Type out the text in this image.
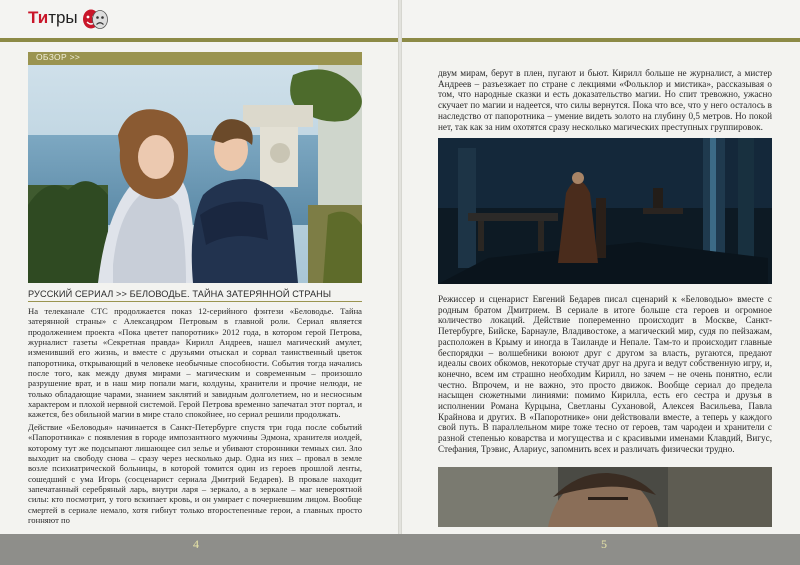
Титры
ОБЗОР >>
РУССКИЙ СЕРИАЛ >> БЕЛОВОДЬЕ. ТАЙНА ЗАТЕРЯННОЙ СТРАНЫ

На телеканале СТС продолжается показ 12-серийного фэнтези «Беловодье. Тайна затерянной страны» с Александром Петровым в главной роли. Сериал является продолжением проекта «Пока цветет папоротник» 2012 года, в котором герой Петрова, журналист газеты «Секретная правда» Кирилл Андреев, нашел магический амулет, изменивший его жизнь, и вместе с друзьями отыскал и сорвал таинственный цветок папоротника, открывающий в человеке необычные способности. События тогда начались после того, как между двумя мирами – магическим и современным – произошло разрушение врат, и в наш мир попали маги, колдуны, хранители и прочие нелюди, не только обладающие чарами, знанием заклятий и завидным долголетием, но и несносным характером и плохой нервной системой. Герой Петрова временно запечатал этот портал, и кажется, без обильной магии в мире стало спокойнее, но сериал решили продолжать.

Действие «Беловодья» начинается в Санкт-Петербурге спустя три года после событий «Папоротника» с появления в городе импозантного мужчины Эдмона, хранителя иолдей, которому тут же подсыпают лишающее сил зелье и убивают сторонники темных сил. Зло выходит на свободу снова – сразу через несколько дыр. Одна из них – провал в земле возле психиатрической больницы, в которой томится один из героев прошлой ленты, сошедший с ума Игорь (сосценарист сериала Дмитрий Бедарев). В провале находит запечатанный серебряный ларь, внутри ларя – зеркало, а в зеркале – маг невероятной силы: кто посмотрит, у того вскипает кровь, и он умирает с почерневшим лицом. Вообще смертей в сериале немало, хотя гибнут только второстепенные герои, а главных просто гонняют по

двум мирам, берут в плен, пугают и бьют. Кирилл больше не журналист, а мистер Андреев – разъезжает по стране с лекциями «Фольклор и мистика», рассказывая о том, что народные сказки и есть доказательство магии. Но спит тревожно, ужасно скучает по магии и надеется, что силы вернутся. Пока что все, что у него осталось в наследство от папоротника – умение видеть золото на глубину 0,5 метров. Но покой нет, так как за ним охотятся сразу несколько магических преступных группировок.

Режиссер и сценарист Евгений Бедарев писал сценарий к «Беловодью» вместе с родным братом Дмитрием. В сериале в итоге больше ста героев и огромное количество локаций. Действие попеременно происходит в Москве, Санкт-Петербурге, Бийске, Барнауле, Владивостоке, а магический мир, судя по пейзажам, расположен в Крыму и иногда в Таиланде и Непале. Там-то и происходит главные беспорядки – волшебники воюют друг с другом за власть, ругаются, предают идеалы своих обкомов, некоторые стучат друг на друга и ведут собственную игру, и, конечно, всем им страшно необходим Кирилл, но зачем – не очень понятно, если честно. Впрочем, и не важно, это просто движок. Вообще сериал до предела насыщен сюжетными линиями: помимо Кирилла, есть его сестра и друзья в исполнении Романа Курцына, Светланы Сухановой, Алексея Васильева, Павла Крайнова и других. В «Папоротнике» они действовали вместе, а теперь у каждого свой путь. В параллельном мире тоже тесно от героев, там чародеи и хранители с разной степенью коварства и могущества и с красивыми именами Клавдий, Вигус, Стефания, Трэвис, Алариус, запомнить всех и различать физически трудно.

4	5
